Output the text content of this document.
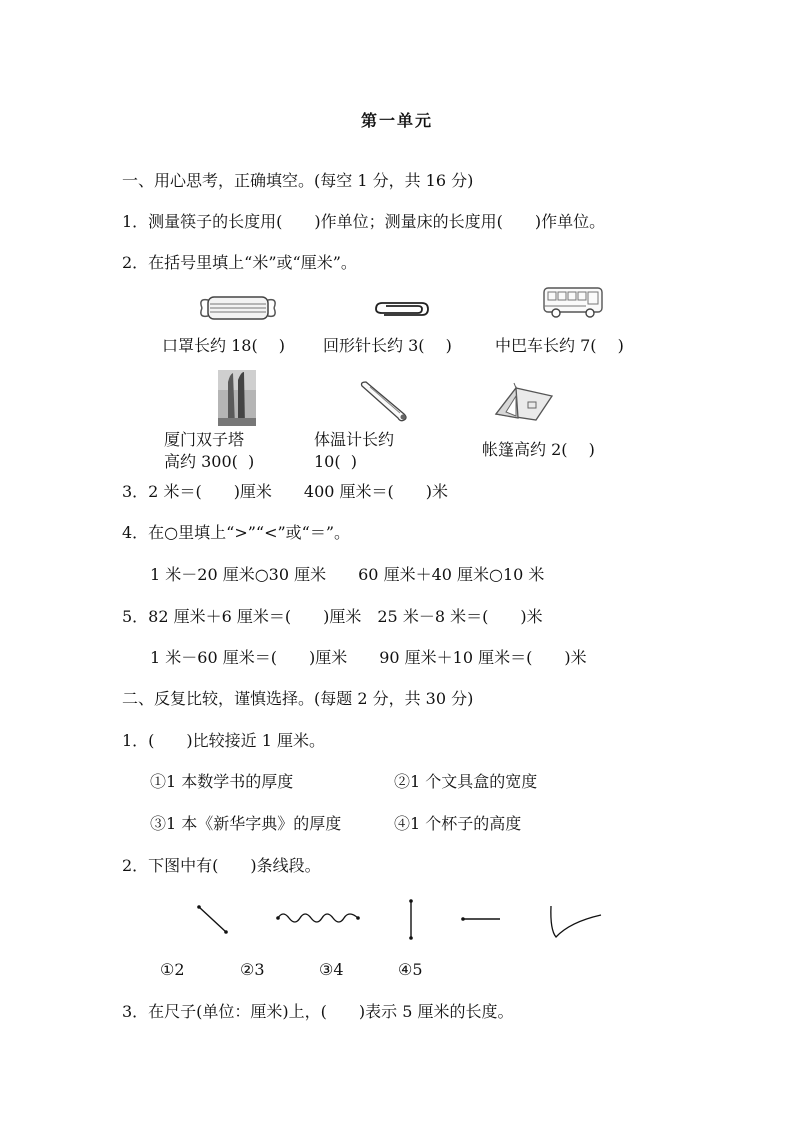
第一单元
一、用心思考，正确填空。(每空 1 分，共 16 分)
1．测量筷子的长度用(　　)作单位；测量床的长度用(　　)作单位。
2．在括号里填上“米”或“厘米”。
口罩长约 18(　 ) 回形针长约 3(　 )	中巴车长约 7(　 )
厦门双子塔
高约 300(  )
体温计长约
10(  )
帐篷高约 2(　 )
3．2 米＝(　　)厘米　　400 厘米＝(　　)米
4．在○里填上“>”“<”或“＝”。
1 米－20 厘米○30 厘米　　60 厘米＋40 厘米○10 米
5．82 厘米＋6 厘米＝(　　)厘米　25 米－8 米＝(　　)米
1 米－60 厘米＝(　　)厘米　　90 厘米＋10 厘米＝(　　)米
二、反复比较，谨慎选择。(每题 2 分，共 30 分)
1．(　　)比较接近 1 厘米。
①1 本数学书的厚度	②1 个文具盒的宽度
③1 本《新华字典》的厚度	④1 个杯子的高度
2．下图中有(　　)条线段。
①2	②3	③4	④5
3．在尺子(单位：厘米)上，(　　)表示 5 厘米的长度。
